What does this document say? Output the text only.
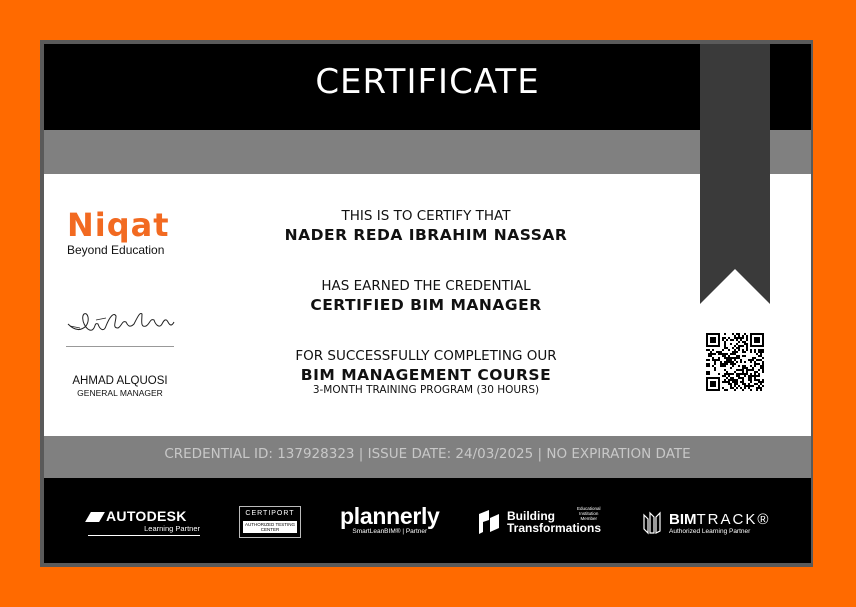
CERTIFICATE
CREDENTIAL ID: 137928323 | ISSUE DATE: 24/03/2025 | NO EXPIRATION DATE
Niqat
Beyond Education
AHMAD ALQUOSI
GENERAL MANAGER
THIS IS TO CERTIFY THAT
NADER REDA IBRAHIM NASSAR
HAS EARNED THE CREDENTIAL
CERTIFIED BIM MANAGER
FOR SUCCESSFULLY COMPLETING OUR
BIM MANAGEMENT COURSE
3-MONTH TRAINING PROGRAM (30 HOURS)
AUTODESK
Learning Partner
CERTIPORT
AUTHORIZED TESTING CENTER
plannerly
SmartLeanBIM® | Partner
Building
Transformations
Educational
Institution
Member	BIMTRACK®
Authorized Learning Partner
